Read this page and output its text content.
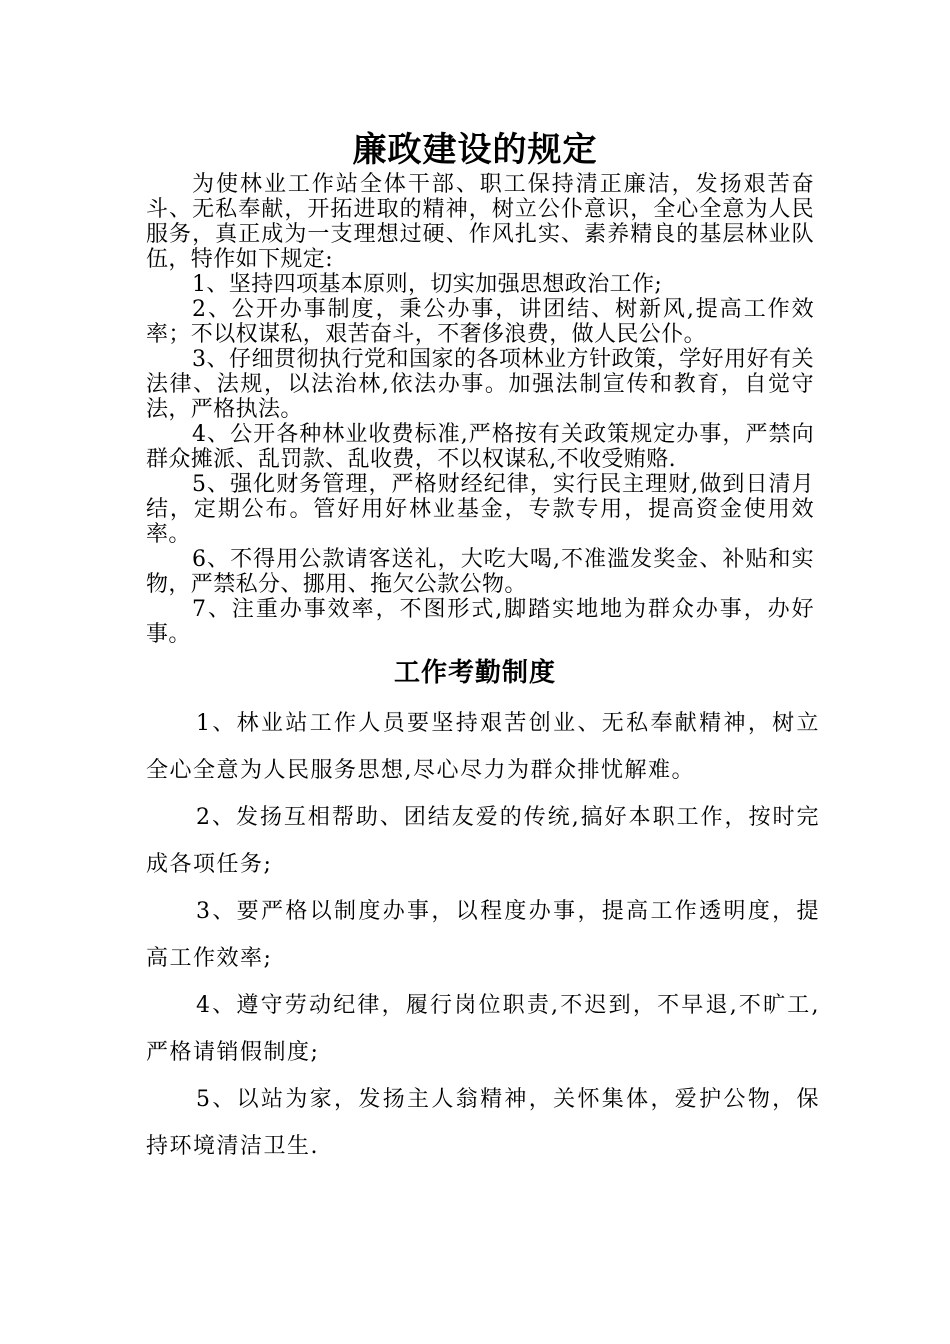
廉政建设的规定

为使林业工作站全体干部、职工保持清正廉洁，发扬艰苦奋斗、无私奉献，开拓进取的精神，树立公仆意识，全心全意为人民服务，真正成为一支理想过硬、作风扎实、素养精良的基层林业队伍，特作如下规定:

1、坚持四项基本原则，切实加强思想政治工作;

2、公开办事制度，秉公办事，讲团结、树新风,提高工作效率；不以权谋私，艰苦奋斗，不奢侈浪费，做人民公仆。

3、仔细贯彻执行党和国家的各项林业方针政策，学好用好有关法律、法规，以法治林,依法办事。加强法制宣传和教育，自觉守法，严格执法。

4、公开各种林业收费标准,严格按有关政策规定办事，严禁向群众摊派、乱罚款、乱收费，不以权谋私,不收受贿赂.

5、强化财务管理，严格财经纪律，实行民主理财,做到日清月结，定期公布。管好用好林业基金，专款专用，提高资金使用效率。

6、不得用公款请客送礼，大吃大喝,不准滥发奖金、补贴和实物，严禁私分、挪用、拖欠公款公物。

7、注重办事效率，不图形式,脚踏实地地为群众办事，办好事。

工作考勤制度

1、林业站工作人员要坚持艰苦创业、无私奉献精神，树立全心全意为人民服务思想,尽心尽力为群众排忧解难。

2、发扬互相帮助、团结友爱的传统,搞好本职工作，按时完成各项任务;

3、要严格以制度办事，以程度办事，提高工作透明度，提高工作效率;

4、遵守劳动纪律，履行岗位职责,不迟到，不早退,不旷工,严格请销假制度;

5、以站为家，发扬主人翁精神，关怀集体，爱护公物，保持环境清洁卫生.
